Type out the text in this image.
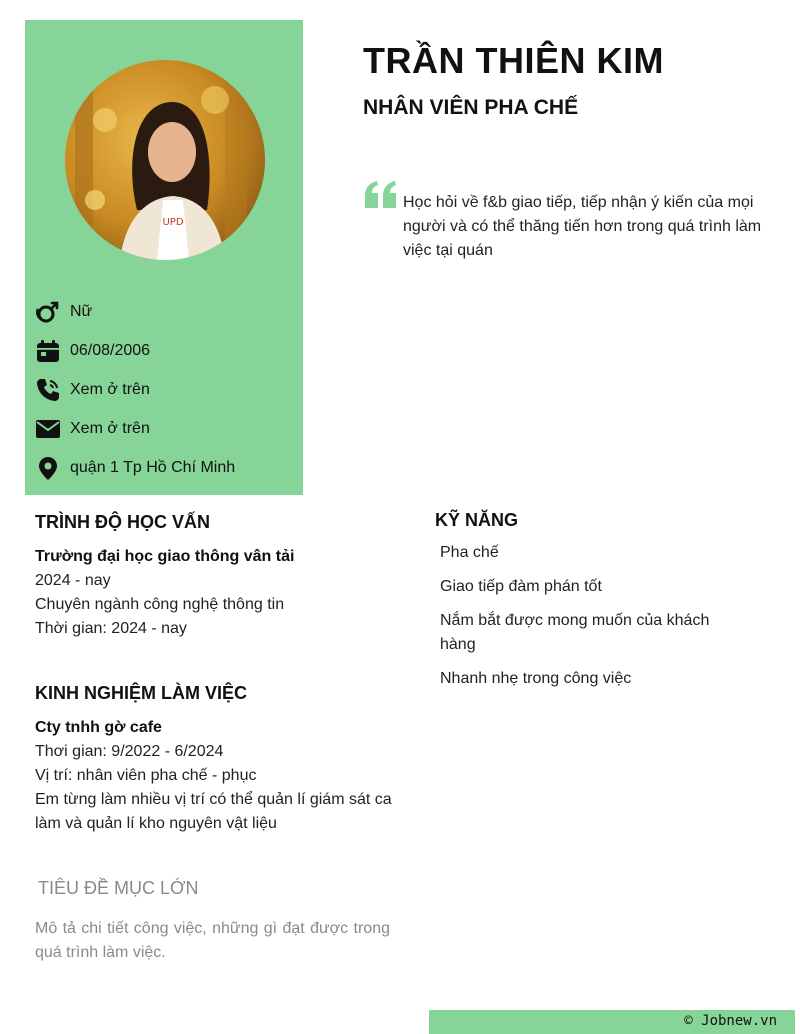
UPD
Nữ
06/08/2006
Xem ở trên
Xem ở trên
quận 1 Tp Hồ Chí Minh
TRẦN THIÊN KIM
NHÂN VIÊN PHA CHẾ
Học hỏi về f&b giao tiếp, tiếp nhận ý kiến của mọi người và có thể thăng tiến hơn trong quá trình làm việc tại quán
TRÌNH ĐỘ HỌC VẤN
Trường đại học giao thông vân tải
2024 - nay
Chuyên ngành công nghệ thông tin
Thời gian: 2024 - nay
KINH NGHIỆM LÀM VIỆC
Cty tnhh gờ cafe
Thơi gian: 9/2022 - 6/2024
Vị trí: nhân viên pha chế - phục
Em từng làm nhiều vị trí có thể quản lí giám sát ca làm và quản lí kho nguyên vật liệu
KỸ NĂNG
Pha chế
Giao tiếp đàm phán tốt
Nắm bắt được mong muốn của khách hàng
Nhanh nhẹ trong công việc
TIÊU ĐỀ MỤC LỚN
Mô tả chi tiết công việc, những gì đạt được trong quá trình làm việc.
© Jobnew.vn
